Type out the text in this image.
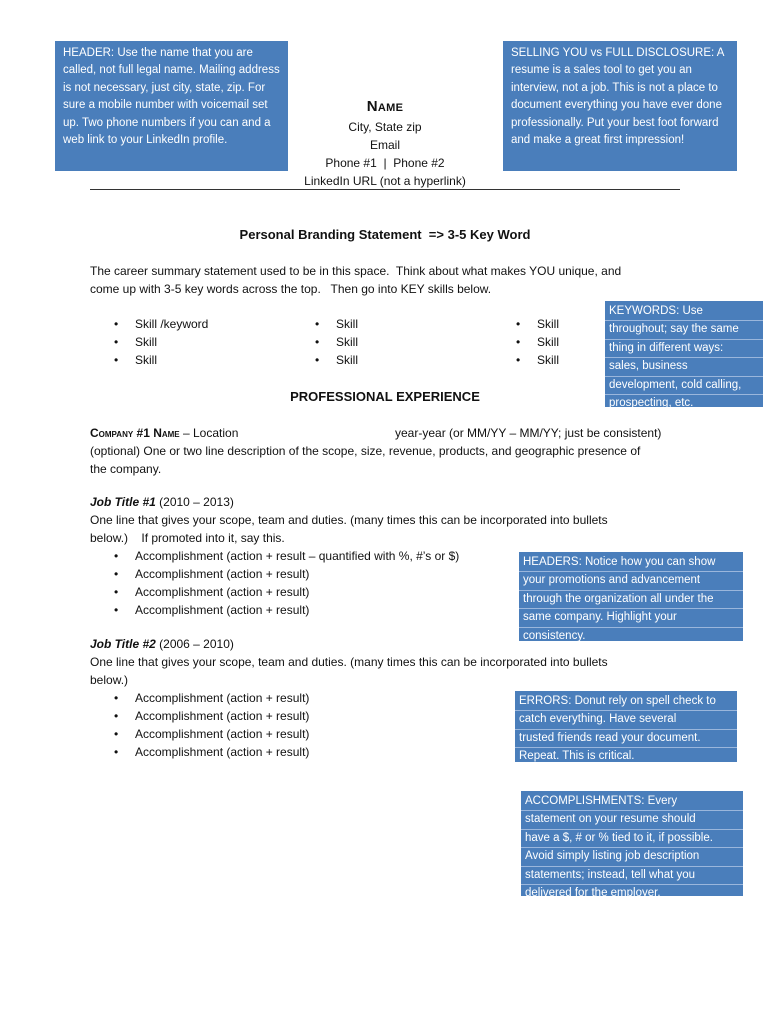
HEADER: Use the name that you are called, not full legal name. Mailing address is not necessary, just city, state, zip. For sure a mobile number with voicemail set up. Two phone numbers if you can and a web link to your LinkedIn profile.
SELLING YOU vs FULL DISCLOSURE: A resume is a sales tool to get you an interview, not a job. This is not a place to document everything you have ever done professionally. Put your best foot forward and make a great first impression!
KEYWORDS: Use
throughout; say the same
thing in different ways:
sales, business
development, cold calling,
prospecting, etc.
HEADERS: Notice how you can show
your promotions and advancement
through the organization all under the
same company. Highlight your
consistency.
ERRORS: Donut rely on spell check to
catch everything. Have several
trusted friends read your document.
Repeat. This is critical.
ACCOMPLISHMENTS: Every
statement on your resume should
have a $, # or % tied to it, if possible.
Avoid simply listing job description
statements; instead, tell what you
delivered for the employer.
Name
City, State zip
Email
Phone #1  |  Phone #2
LinkedIn URL (not a hyperlink)
Personal Branding Statement  => 3-5 Key Word
The career summary statement used to be in this space.  Think about what makes YOU unique, and
come up with 3-5 key words across the top.   Then go into KEY skills below.
• Skill /keyword
• Skill
• Skill
• Skill
• Skill
• Skill
• Skill
• Skill
• Skill
PROFESSIONAL EXPERIENCE
Company #1 Name – Location	year-year (or MM/YY – MM/YY; just be consistent)
(optional) One or two line description of the scope, size, revenue, products, and geographic presence of
the company.
Job Title #1 (2010 – 2013)
One line that gives your scope, team and duties. (many times this can be incorporated into bullets
below.)    If promoted into it, say this.
• Accomplishment (action + result – quantified with %, #’s or $)
• Accomplishment (action + result)
• Accomplishment (action + result)
• Accomplishment (action + result)
Job Title #2 (2006 – 2010)
One line that gives your scope, team and duties. (many times this can be incorporated into bullets
below.)
• Accomplishment (action + result)
• Accomplishment (action + result)
• Accomplishment (action + result)
• Accomplishment (action + result)
